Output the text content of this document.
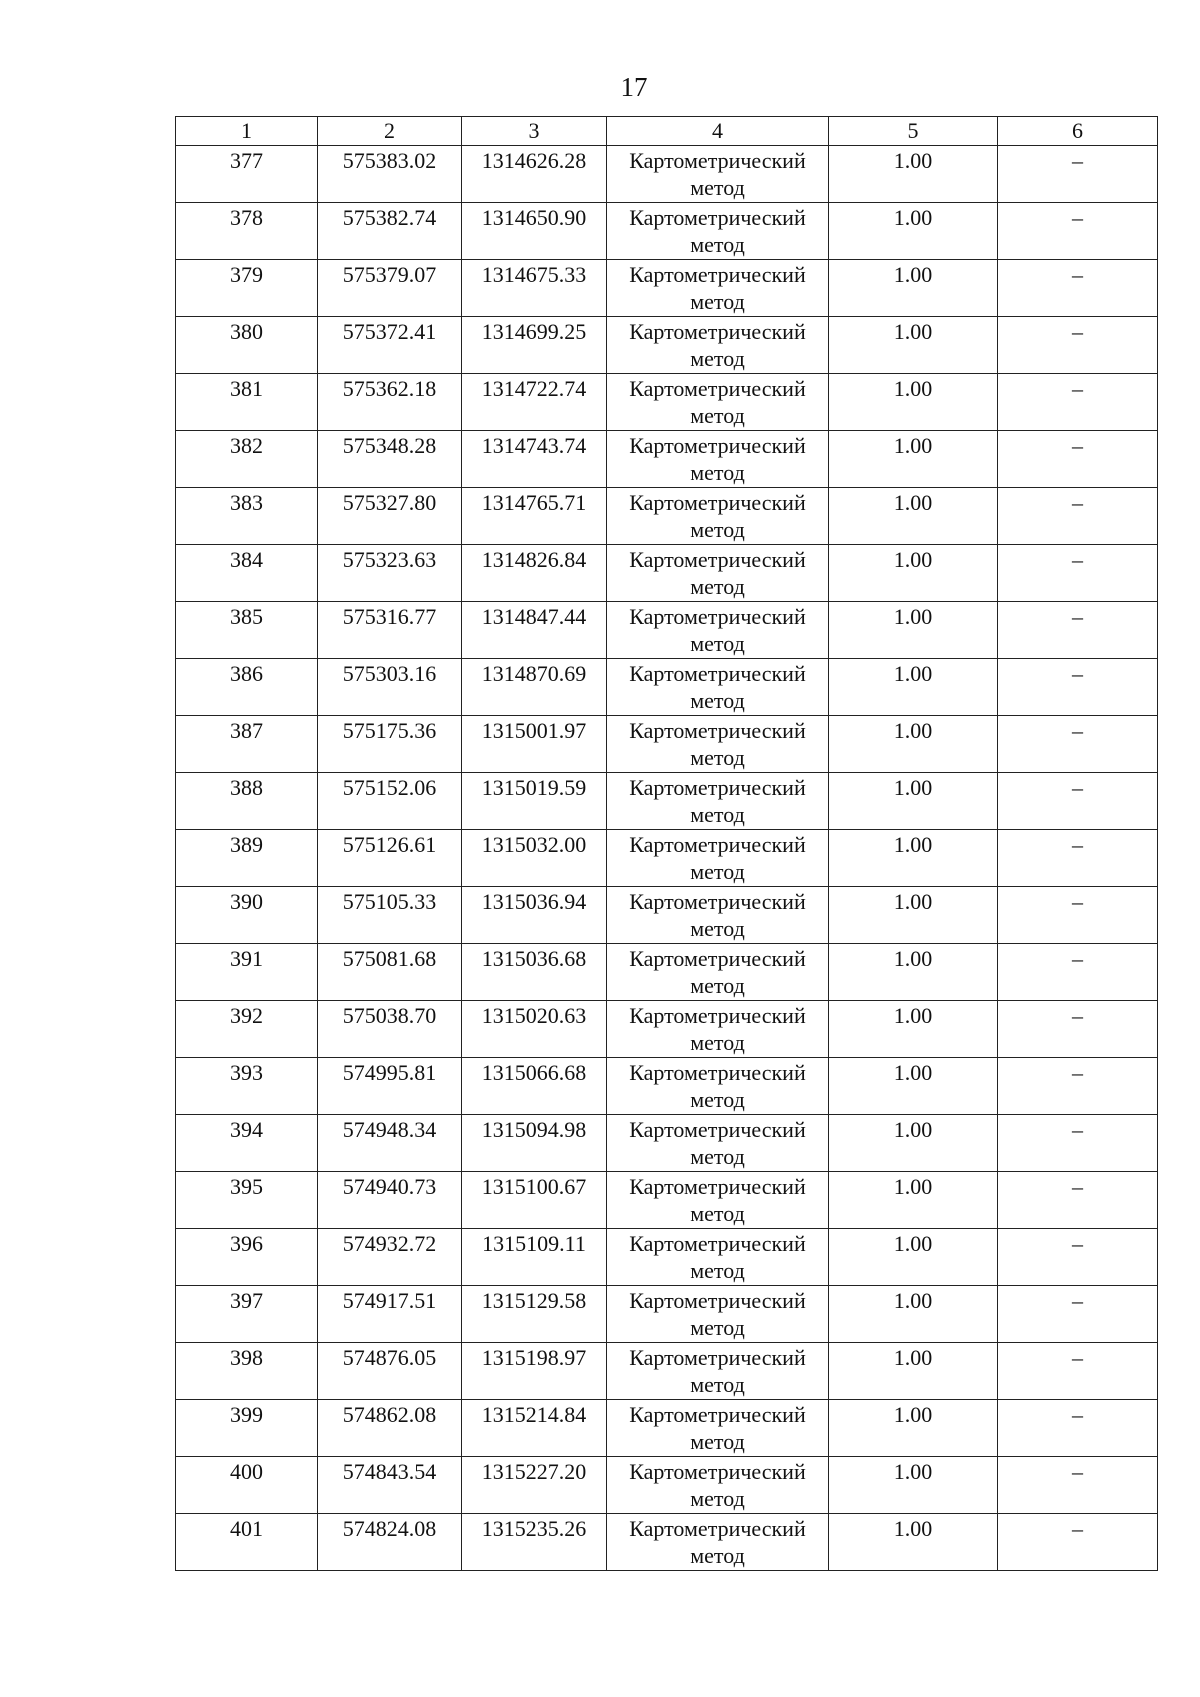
17
1	2	3	4	5	6
377	575383.02	1314626.28	Картометрический метод	1.00	–
378	575382.74	1314650.90	Картометрический метод	1.00	–
379	575379.07	1314675.33	Картометрический метод	1.00	–
380	575372.41	1314699.25	Картометрический метод	1.00	–
381	575362.18	1314722.74	Картометрический метод	1.00	–
382	575348.28	1314743.74	Картометрический метод	1.00	–
383	575327.80	1314765.71	Картометрический метод	1.00	–
384	575323.63	1314826.84	Картометрический метод	1.00	–
385	575316.77	1314847.44	Картометрический метод	1.00	–
386	575303.16	1314870.69	Картометрический метод	1.00	–
387	575175.36	1315001.97	Картометрический метод	1.00	–
388	575152.06	1315019.59	Картометрический метод	1.00	–
389	575126.61	1315032.00	Картометрический метод	1.00	–
390	575105.33	1315036.94	Картометрический метод	1.00	–
391	575081.68	1315036.68	Картометрический метод	1.00	–
392	575038.70	1315020.63	Картометрический метод	1.00	–
393	574995.81	1315066.68	Картометрический метод	1.00	–
394	574948.34	1315094.98	Картометрический метод	1.00	–
395	574940.73	1315100.67	Картометрический метод	1.00	–
396	574932.72	1315109.11	Картометрический метод	1.00	–
397	574917.51	1315129.58	Картометрический метод	1.00	–
398	574876.05	1315198.97	Картометрический метод	1.00	–
399	574862.08	1315214.84	Картометрический метод	1.00	–
400	574843.54	1315227.20	Картометрический метод	1.00	–
401	574824.08	1315235.26	Картометрический метод	1.00	–
